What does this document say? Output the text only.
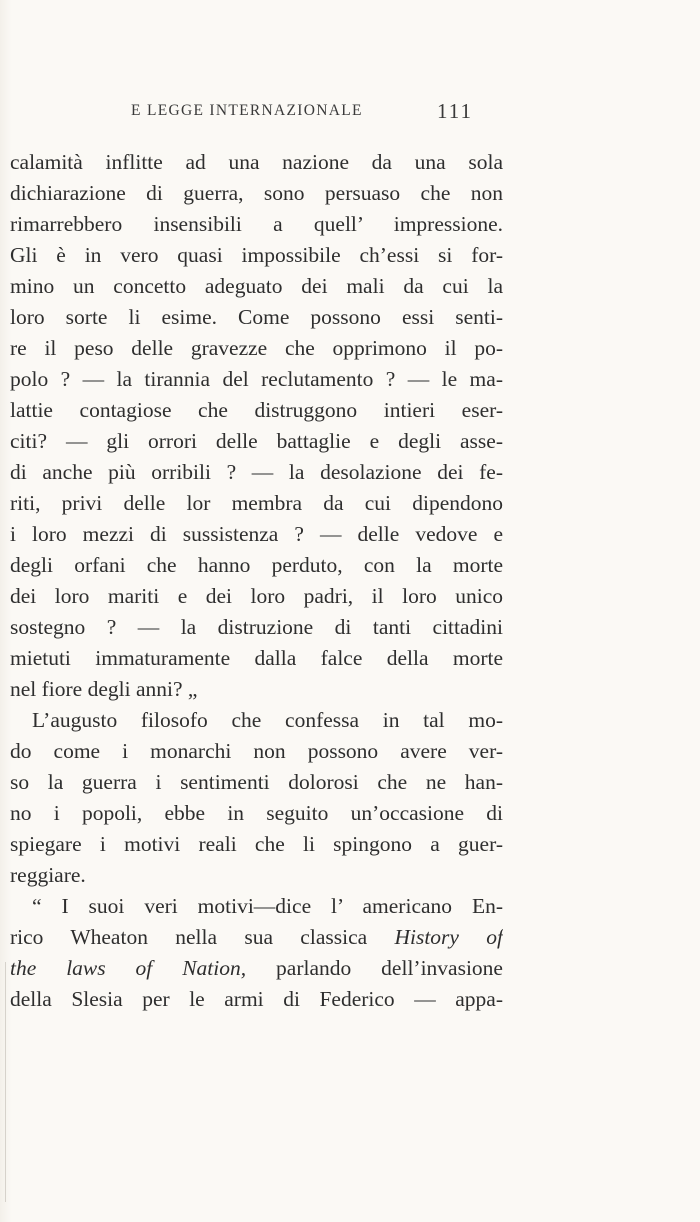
E LEGGE INTERNAZIONALE	111
calamità inflitte ad una nazione da una sola
dichiarazione di guerra, sono persuaso che non
rimarrebbero insensibili a quell’ impressione.
Gli è in vero quasi impossibile ch’essi si for-
mino un concetto adeguato dei mali da cui la
loro sorte li esime. Come possono essi senti-
re il peso delle gravezze che opprimono il po-
polo ? — la tirannia del reclutamento ? — le ma-
lattie contagiose che distruggono intieri eser-
citi? — gli orrori delle battaglie e degli asse-
di anche più orribili ? — la desolazione dei fe-
riti, privi delle lor membra da cui dipendono
i loro mezzi di sussistenza ? — delle vedove e
degli orfani che hanno perduto, con la morte
dei loro mariti e dei loro padri, il loro unico
sostegno ? — la distruzione di tanti cittadini
mietuti immaturamente dalla falce della morte
nel fiore degli anni? „
L’augusto filosofo che confessa in tal mo-
do come i monarchi non possono avere ver-
so la guerra i sentimenti dolorosi che ne han-
no i popoli, ebbe in seguito un’occasione di
spiegare i motivi reali che li spingono a guer-
reggiare.
“ I suoi veri motivi—dice l’ americano En-
rico Wheaton nella sua classica History of
the laws of Nation, parlando dell’invasione
della Slesia per le armi di Federico — appa-
